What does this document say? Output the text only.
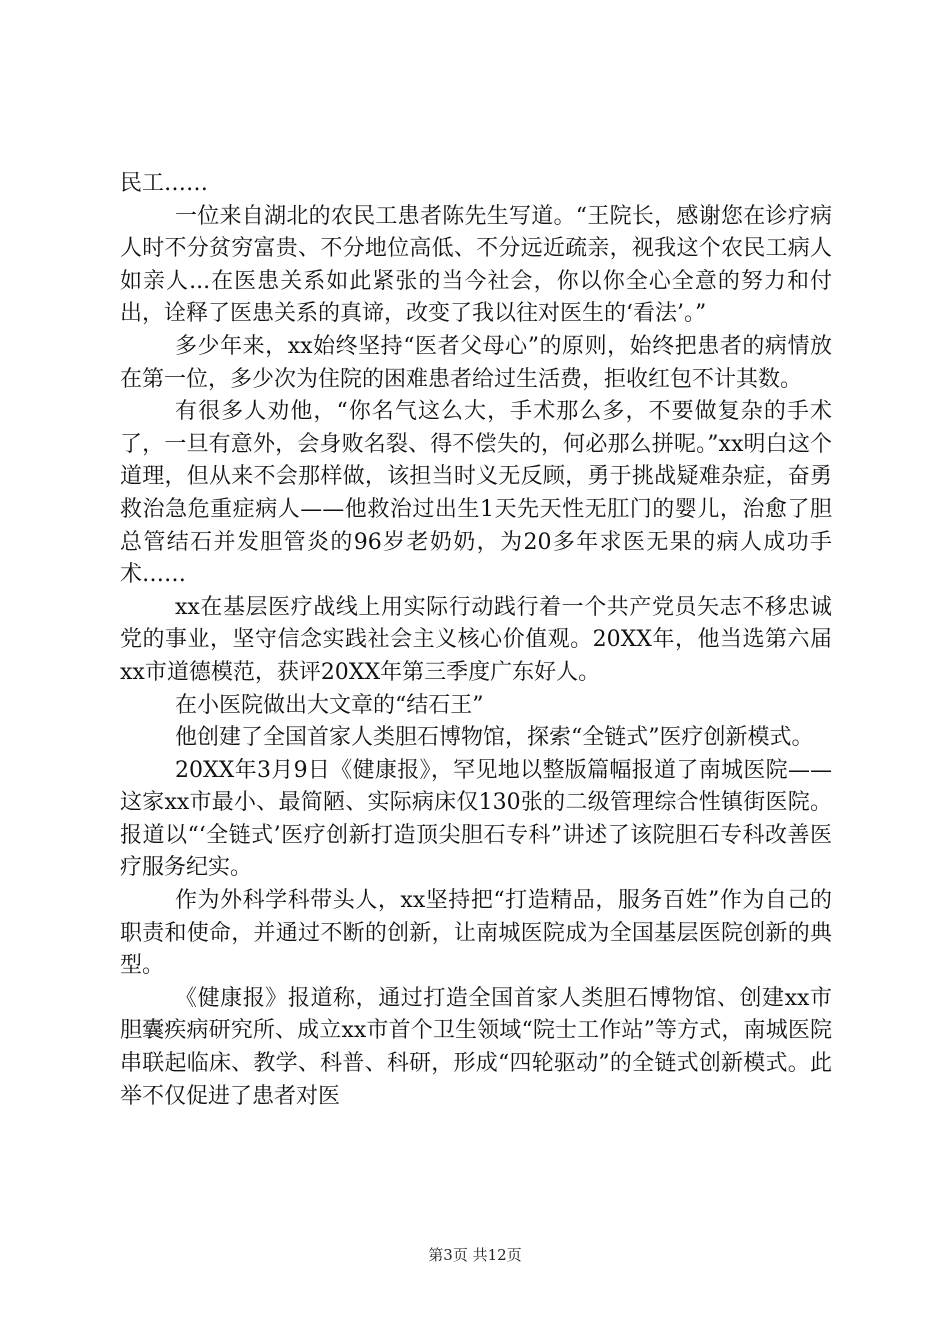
民工……

一位来自湖北的农民工患者陈先生写道。“王院长，感谢您在诊疗病人时不分贫穷富贵、不分地位高低、不分远近疏亲，视我这个农民工病人如亲人...在医患关系如此紧张的当今社会，你以你全心全意的努力和付出，诠释了医患关系的真谛，改变了我以往对医生的‘看法’。”

多少年来，xx始终坚持“医者父母心”的原则，始终把患者的病情放在第一位，多少次为住院的困难患者给过生活费，拒收红包不计其数。

有很多人劝他，“你名气这么大，手术那么多，不要做复杂的手术了，一旦有意外，会身败名裂、得不偿失的，何必那么拼呢。”xx明白这个道理，但从来不会那样做，该担当时义无反顾，勇于挑战疑难杂症，奋勇救治急危重症病人——他救治过出生1天先天性无肛门的婴儿，治愈了胆总管结石并发胆管炎的96岁老奶奶，为20多年求医无果的病人成功手术……

xx在基层医疗战线上用实际行动践行着一个共产党员矢志不移忠诚党的事业，坚守信念实践社会主义核心价值观。20XX年，他当选第六届xx市道德模范，获评20XX年第三季度广东好人。

在小医院做出大文章的“结石王”

他创建了全国首家人类胆石博物馆，探索“全链式”医疗创新模式。

20XX年3月9日《健康报》，罕见地以整版篇幅报道了南城医院——这家xx市最小、最简陋、实际病床仅130张的二级管理综合性镇街医院。报道以“‘全链式’医疗创新打造顶尖胆石专科”讲述了该院胆石专科改善医疗服务纪实。

作为外科学科带头人，xx坚持把“打造精品，服务百姓”作为自己的职责和使命，并通过不断的创新，让南城医院成为全国基层医院创新的典型。

《健康报》报道称，通过打造全国首家人类胆石博物馆、创建xx市胆囊疾病研究所、成立xx市首个卫生领域“院士工作站”等方式，南城医院串联起临床、教学、科普、科研，形成“四轮驱动”的全链式创新模式。此举不仅促进了患者对医

第3页 共12页
